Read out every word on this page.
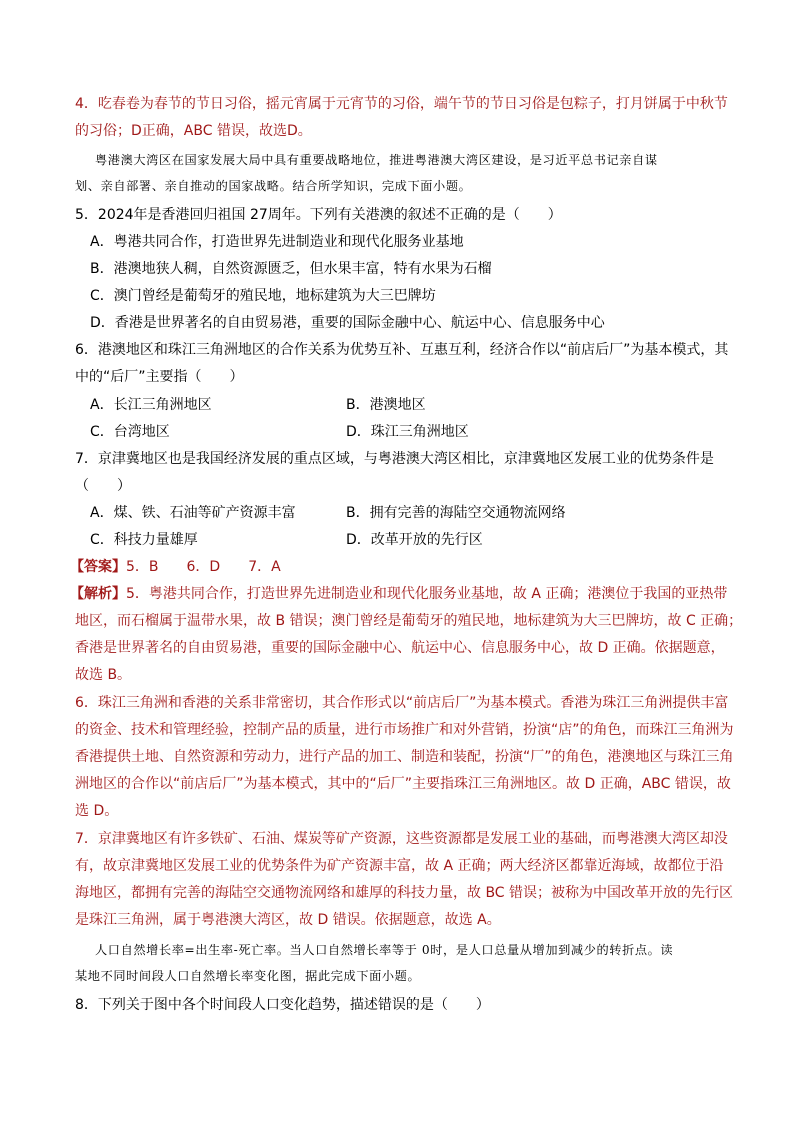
4．吃春卷为春节的节日习俗，摇元宵属于元宵节的习俗，端午节的节日习俗是包粽子，打月饼属于中秋节
的习俗；D正确，ABC 错误，故选D。
粤港澳大湾区在国家发展大局中具有重要战略地位，推进粤港澳大湾区建设，是习近平总书记亲自谋
划、亲自部署、亲自推动的国家战略。结合所学知识，完成下面小题。
5．2024年是香港回归祖国 27周年。下列有关港澳的叙述不正确的是（　　）
A．粤港共同合作，打造世界先进制造业和现代化服务业基地
B．港澳地狭人稠，自然资源匮乏，但水果丰富，特有水果为石榴
C．澳门曾经是葡萄牙的殖民地，地标建筑为大三巴牌坊
D．香港是世界著名的自由贸易港，重要的国际金融中心、航运中心、信息服务中心
6．港澳地区和珠江三角洲地区的合作关系为优势互补、互惠互利，经济合作以“前店后厂”为基本模式，其
中的“后厂”主要指（　　）
A．长江三角洲地区	B．港澳地区
C．台湾地区	D．珠江三角洲地区
7．京津冀地区也是我国经济发展的重点区域，与粤港澳大湾区相比，京津冀地区发展工业的优势条件是
（　　）
A．煤、铁、石油等矿产资源丰富	B．拥有完善的海陆空交通物流网络
C．科技力量雄厚	D．改革开放的先行区
【答案】5．B　　6．D　　7．A
【解析】5．粤港共同合作，打造世界先进制造业和现代化服务业基地，故 A 正确；港澳位于我国的亚热带
地区，而石榴属于温带水果，故 B 错误；澳门曾经是葡萄牙的殖民地，地标建筑为大三巴牌坊，故 C 正确；
香港是世界著名的自由贸易港，重要的国际金融中心、航运中心、信息服务中心，故 D 正确。依据题意，
故选 B。
6．珠江三角洲和香港的关系非常密切，其合作形式以“前店后厂”为基本模式。香港为珠江三角洲提供丰富
的资金、技术和管理经验，控制产品的质量，进行市场推广和对外营销，扮演“店”的角色，而珠江三角洲为
香港提供土地、自然资源和劳动力，进行产品的加工、制造和装配，扮演“厂”的角色，港澳地区与珠江三角
洲地区的合作以“前店后厂”为基本模式，其中的“后厂”主要指珠江三角洲地区。故 D 正确，ABC 错误，故
选 D。
7．京津冀地区有许多铁矿、石油、煤炭等矿产资源，这些资源都是发展工业的基础，而粤港澳大湾区却没
有，故京津冀地区发展工业的优势条件为矿产资源丰富，故 A 正确；两大经济区都靠近海域，故都位于沿
海地区，都拥有完善的海陆空交通物流网络和雄厚的科技力量，故 BC 错误；被称为中国改革开放的先行区
是珠江三角洲，属于粤港澳大湾区，故 D 错误。依据题意，故选 A。
人口自然增长率=出生率-死亡率。当人口自然增长率等于 0时，是人口总量从增加到减少的转折点。读
某地不同时间段人口自然增长率变化图，据此完成下面小题。
8．下列关于图中各个时间段人口变化趋势，描述错误的是（　　）
